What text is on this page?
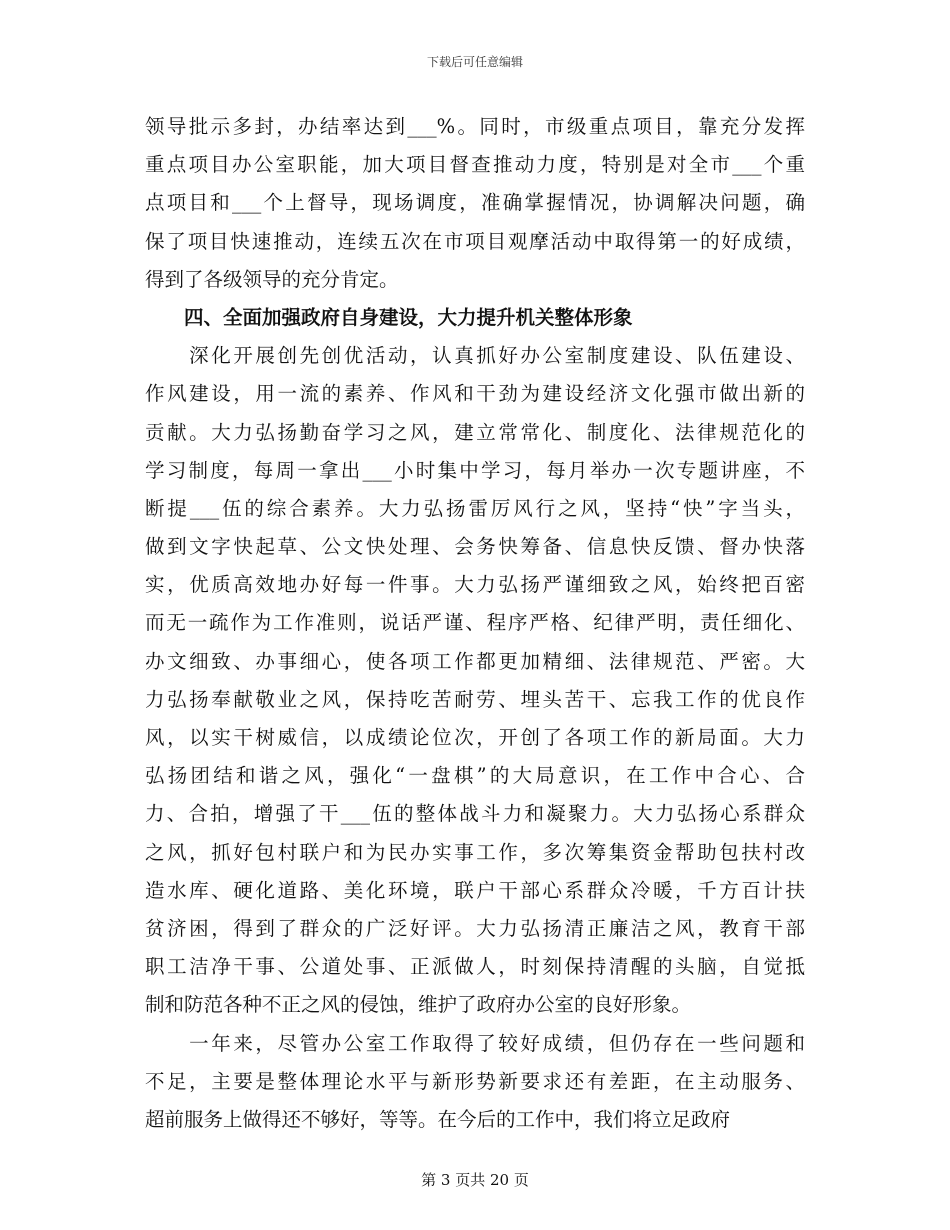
下载后可任意编辑
领导批示多封，办结率达到___%。同时，市级重点项目，靠充分发挥
重点项目办公室职能，加大项目督查推动力度，特别是对全市___个重
点项目和___个上督导，现场调度，准确掌握情况，协调解决问题，确
保了项目快速推动，连续五次在市项目观摩活动中取得第一的好成绩，
得到了各级领导的充分肯定。
　　四、全面加强政府自身建设，大力提升机关整体形象
　　深化开展创先创优活动，认真抓好办公室制度建设、队伍建设、
作风建设，用一流的素养、作风和干劲为建设经济文化强市做出新的
贡献。大力弘扬勤奋学习之风，建立常常化、制度化、法律规范化的
学习制度，每周一拿出___小时集中学习，每月举办一次专题讲座，不
断提___伍的综合素养。大力弘扬雷厉风行之风，坚持“快”字当头，
做到文字快起草、公文快处理、会务快筹备、信息快反馈、督办快落
实，优质高效地办好每一件事。大力弘扬严谨细致之风，始终把百密
而无一疏作为工作准则，说话严谨、程序严格、纪律严明，责任细化、
办文细致、办事细心，使各项工作都更加精细、法律规范、严密。大
力弘扬奉献敬业之风，保持吃苦耐劳、埋头苦干、忘我工作的优良作
风，以实干树威信，以成绩论位次，开创了各项工作的新局面。大力
弘扬团结和谐之风，强化“一盘棋”的大局意识，在工作中合心、合
力、合拍，增强了干___伍的整体战斗力和凝聚力。大力弘扬心系群众
之风，抓好包村联户和为民办实事工作，多次筹集资金帮助包扶村改
造水库、硬化道路、美化环境，联户干部心系群众冷暖，千方百计扶
贫济困，得到了群众的广泛好评。大力弘扬清正廉洁之风，教育干部
职工洁净干事、公道处事、正派做人，时刻保持清醒的头脑，自觉抵
制和防范各种不正之风的侵蚀，维护了政府办公室的良好形象。
　　一年来，尽管办公室工作取得了较好成绩，但仍存在一些问题和
不足，主要是整体理论水平与新形势新要求还有差距，在主动服务、
超前服务上做得还不够好，等等。在今后的工作中，我们将立足政府
第 3 页共 20 页
